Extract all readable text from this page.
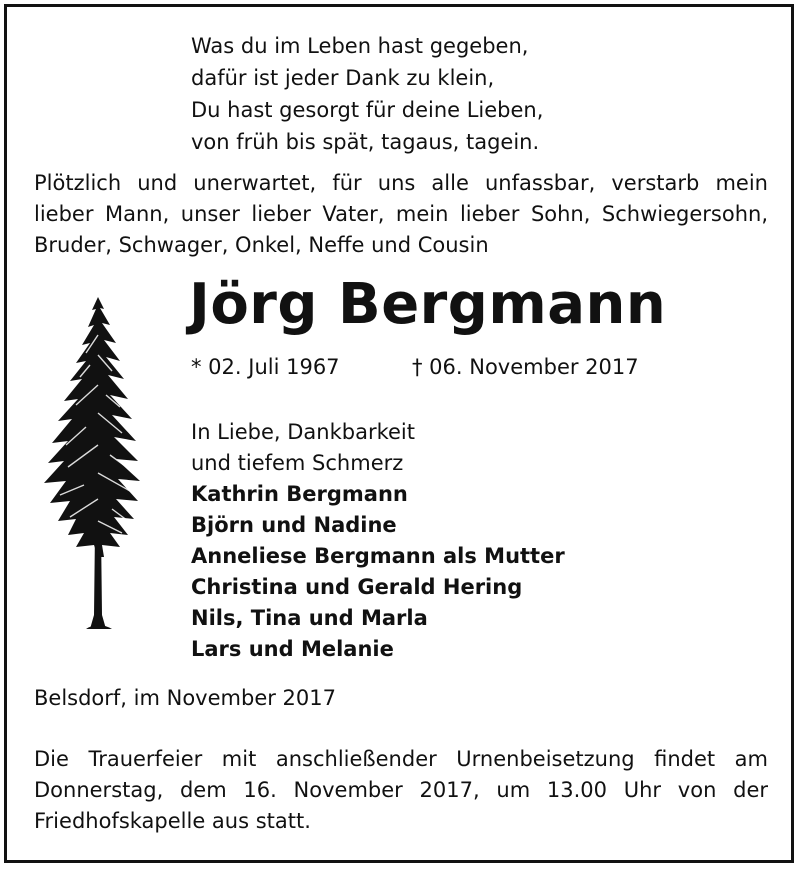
Was du im Leben hast gegeben,
dafür ist jeder Dank zu klein,
Du hast gesorgt für deine Lieben,
von früh bis spät, tagaus, tagein.
Plötzlich und unerwartet, für uns alle unfassbar, verstarb mein
lieber Mann, unser lieber Vater, mein lieber Sohn, Schwiegersohn,
Bruder, Schwager, Onkel, Neffe und Cousin
Jörg Bergmann
* 02. Juli 1967	† 06. November 2017
In Liebe, Dankbarkeit
und tiefem Schmerz
Kathrin Bergmann
Björn und Nadine
Anneliese Bergmann als Mutter
Christina und Gerald Hering
Nils, Tina und Marla
Lars und Melanie
Belsdorf, im November 2017
Die Trauerfeier mit anschließender Urnenbeisetzung findet am
Donnerstag, dem 16. November 2017, um 13.00 Uhr von der
Friedhofskapelle aus statt.
